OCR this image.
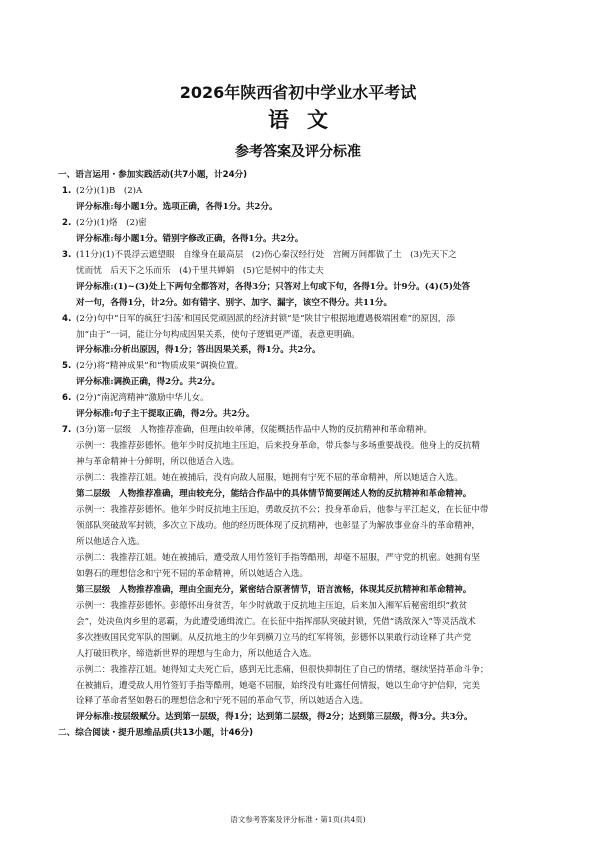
2026年陕西省初中学业水平考试
语文
参考答案及评分标准
一、语言运用・参加实践活动(共7小题，计24分)
1. (2分)(1)B　(2)A
评分标准:每小题1分。选项正确，各得1分。共2分。
2. (2分)(1)烙　(2)密
评分标准:每小题1分。错别字修改正确，各得1分。共2分。
3. (11分)(1)不畏浮云遮望眼　自缘身在最高层　(2)伤心秦汉经行处　宫阙万间都做了土　(3)先天下之
忧而忧　后天下之乐而乐　(4)千里共婵娟　(5)它是树中的伟丈夫
评分标准:(1)~(3)处上下两句全都答对，各得3分；只答对上句或下句，各得1分。计9分。(4)(5)处答
对一句，各得1分，计2分。如有错字、别字、加字、漏字，该空不得分。共11分。
4. (2分)句中“日军的疯狂‘扫荡’和国民党顽固派的经济封锁”是“陕甘宁根据地遭遇极端困难”的原因，添
加“由于”一词，能让分句构成因果关系，使句子逻辑更严谨，表意更明确。
评分标准:分析出原因，得1分；答出因果关系，得1分。共2分。
5. (2分)将“精神成果”和“物质成果”调换位置。
评分标准:调换正确，得2分。共2分。
6. (2分)“南泥湾精神”激励中华儿女。
评分标准:句子主干提取正确，得2分。共2分。
7. (3分)第一层级　人物推荐准确，但理由较单薄，仅能概括作品中人物的反抗精神和革命精神。
示例一：我推荐彭德怀。他年少时反抗地主压迫，后来投身革命，带兵参与多场重要战役。他身上的反抗精
神与革命精神十分鲜明，所以他适合入选。
示例二：我推荐江姐。她在被捕后，没有向敌人屈服，她拥有宁死不屈的革命精神，所以她适合入选。
第二层级　人物推荐准确，理由较充分，能结合作品中的具体情节简要阐述人物的反抗精神和革命精神。
示例一：我推荐彭德怀。他年少时反抗地主压迫，勇敢反抗不公；投身革命后，他参与平江起义，在长征中带
领部队突破敌军封锁，多次立下战功。他的经历既体现了反抗精神，也彰显了为解放事业奋斗的革命精神，
所以他适合入选。
示例二：我推荐江姐。她在被捕后，遭受敌人用竹签钉手指等酷刑，却毫不屈服，严守党的机密。她拥有坚
如磐石的理想信念和宁死不屈的革命精神，所以她适合入选。
第三层级　人物推荐准确，理由全面充分，紧密结合原著情节，语言流畅，体现其反抗精神和革命精神。
示例一：我推荐彭德怀。彭德怀出身贫苦，年少时就敢于反抗地主压迫，后来加入湘军后秘密组织“救贫
会”，处决鱼肉乡里的恶霸，为此遭受通缉流亡。在长征中指挥部队突破封锁，凭借“诱敌深入”等灵活战术
多次挫败国民党军队的围剿。从反抗地主的少年到横刀立马的红军将领，彭德怀以果敢行动诠释了共产党
人打破旧秩序，缔造新世界的理想与生命力，所以他适合入选。
示例二：我推荐江姐。她得知丈夫死亡后，感到无比悲痛，但很快抑制住了自己的情绪，继续坚持革命斗争；
在被捕后，遭受敌人用竹签钉手指等酷刑，她毫不屈服，始终没有吐露任何情报，她以生命守护信仰，完美
诠释了革命者坚如磐石的理想信念和宁死不屈的革命气节，所以她适合入选。
评分标准:按层级赋分。达到第一层级，得1分；达到第二层级，得2分；达到第三层级，得3分。共3分。
二、综合阅读・提升思维品质(共13小题，计46分)
语文参考答案及评分标准・第1页(共4页)
